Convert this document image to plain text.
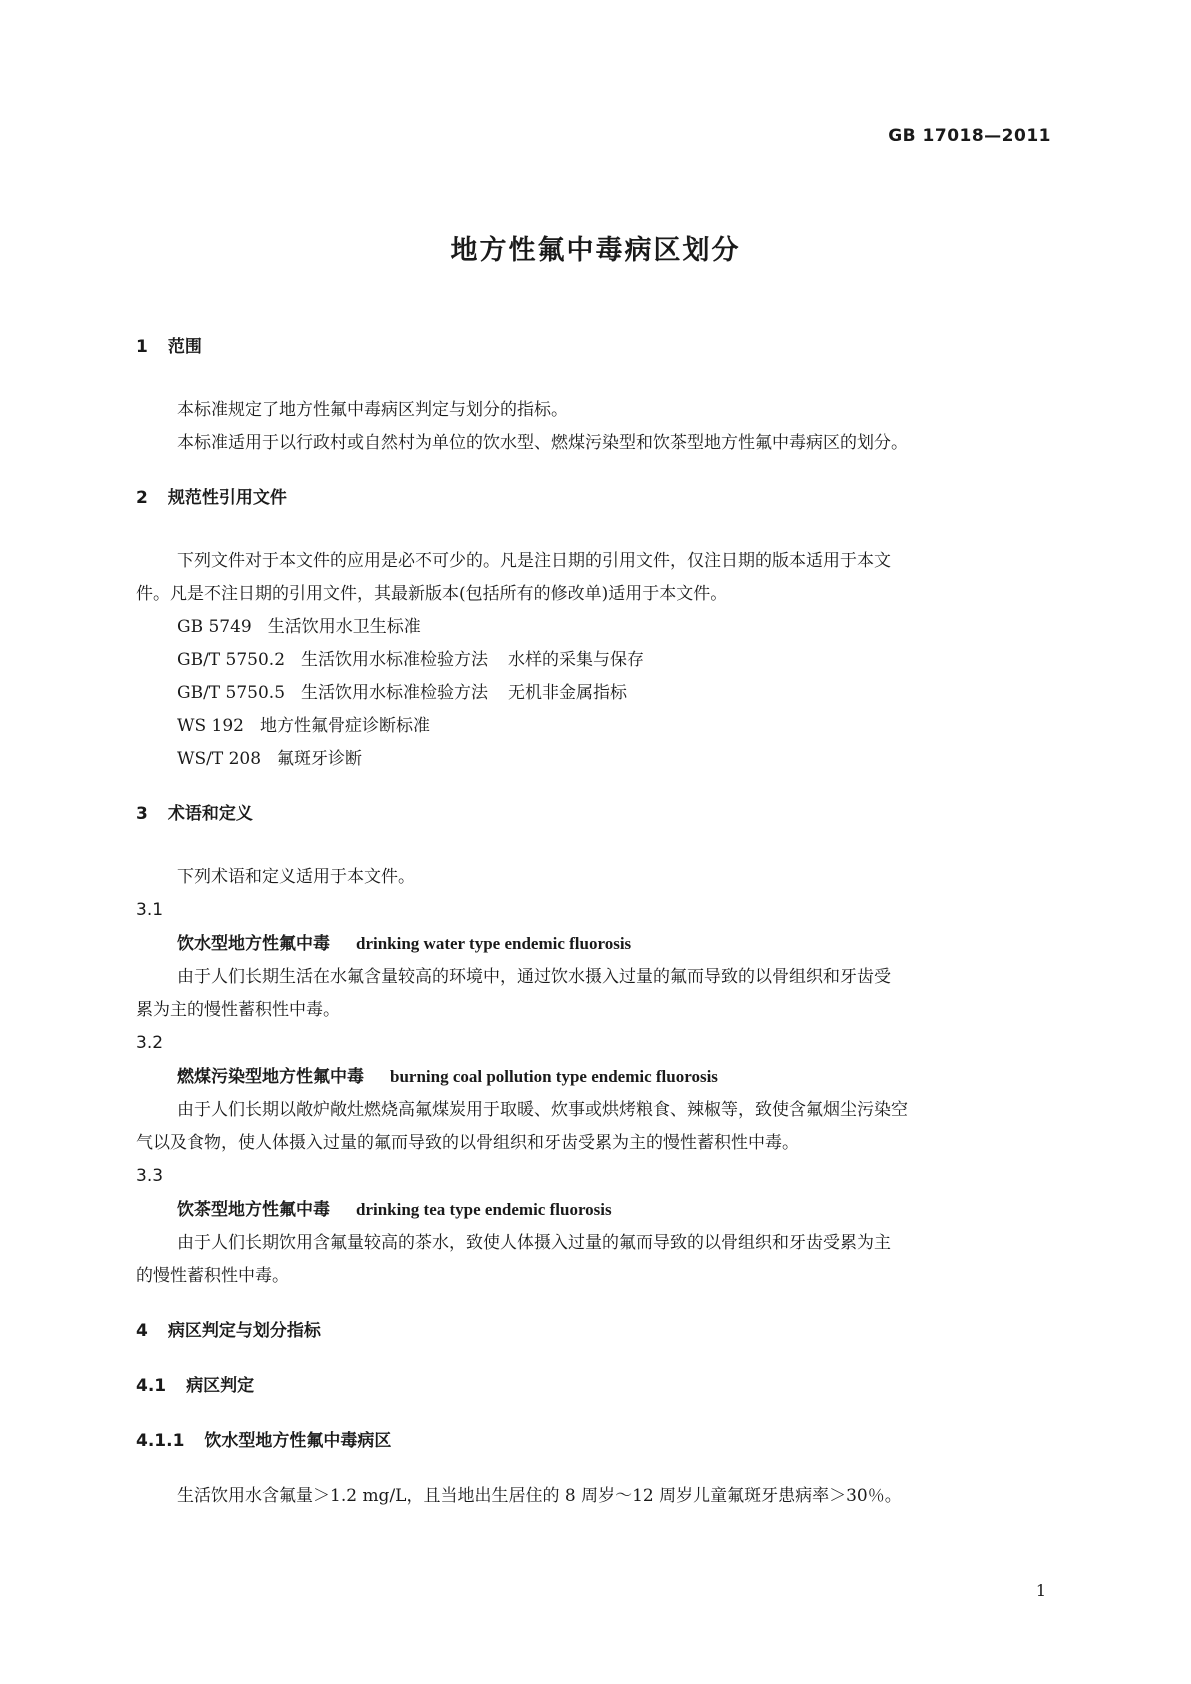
GB 17018—2011
地方性氟中毒病区划分
1 范围
本标准规定了地方性氟中毒病区判定与划分的指标。
本标准适用于以行政村或自然村为单位的饮水型、燃煤污染型和饮茶型地方性氟中毒病区的划分。
2 规范性引用文件
下列文件对于本文件的应用是必不可少的。凡是注日期的引用文件，仅注日期的版本适用于本文
件。凡是不注日期的引用文件，其最新版本(包括所有的修改单)适用于本文件。
GB 5749 生活饮用水卫生标准
GB/T 5750.2 生活饮用水标准检验方法 水样的采集与保存
GB/T 5750.5 生活饮用水标准检验方法 无机非金属指标
WS 192 地方性氟骨症诊断标准
WS/T 208 氟斑牙诊断
3 术语和定义
下列术语和定义适用于本文件。
3.1
饮水型地方性氟中毒 drinking water type endemic fluorosis
由于人们长期生活在水氟含量较高的环境中，通过饮水摄入过量的氟而导致的以骨组织和牙齿受
累为主的慢性蓄积性中毒。
3.2
燃煤污染型地方性氟中毒 burning coal pollution type endemic fluorosis
由于人们长期以敞炉敞灶燃烧高氟煤炭用于取暖、炊事或烘烤粮食、辣椒等，致使含氟烟尘污染空
气以及食物，使人体摄入过量的氟而导致的以骨组织和牙齿受累为主的慢性蓄积性中毒。
3.3
饮茶型地方性氟中毒 drinking tea type endemic fluorosis
由于人们长期饮用含氟量较高的茶水，致使人体摄入过量的氟而导致的以骨组织和牙齿受累为主
的慢性蓄积性中毒。
4 病区判定与划分指标
4.1 病区判定
4.1.1 饮水型地方性氟中毒病区
生活饮用水含氟量＞1.2 mg/L，且当地出生居住的 8 周岁～12 周岁儿童氟斑牙患病率＞30％。
1
